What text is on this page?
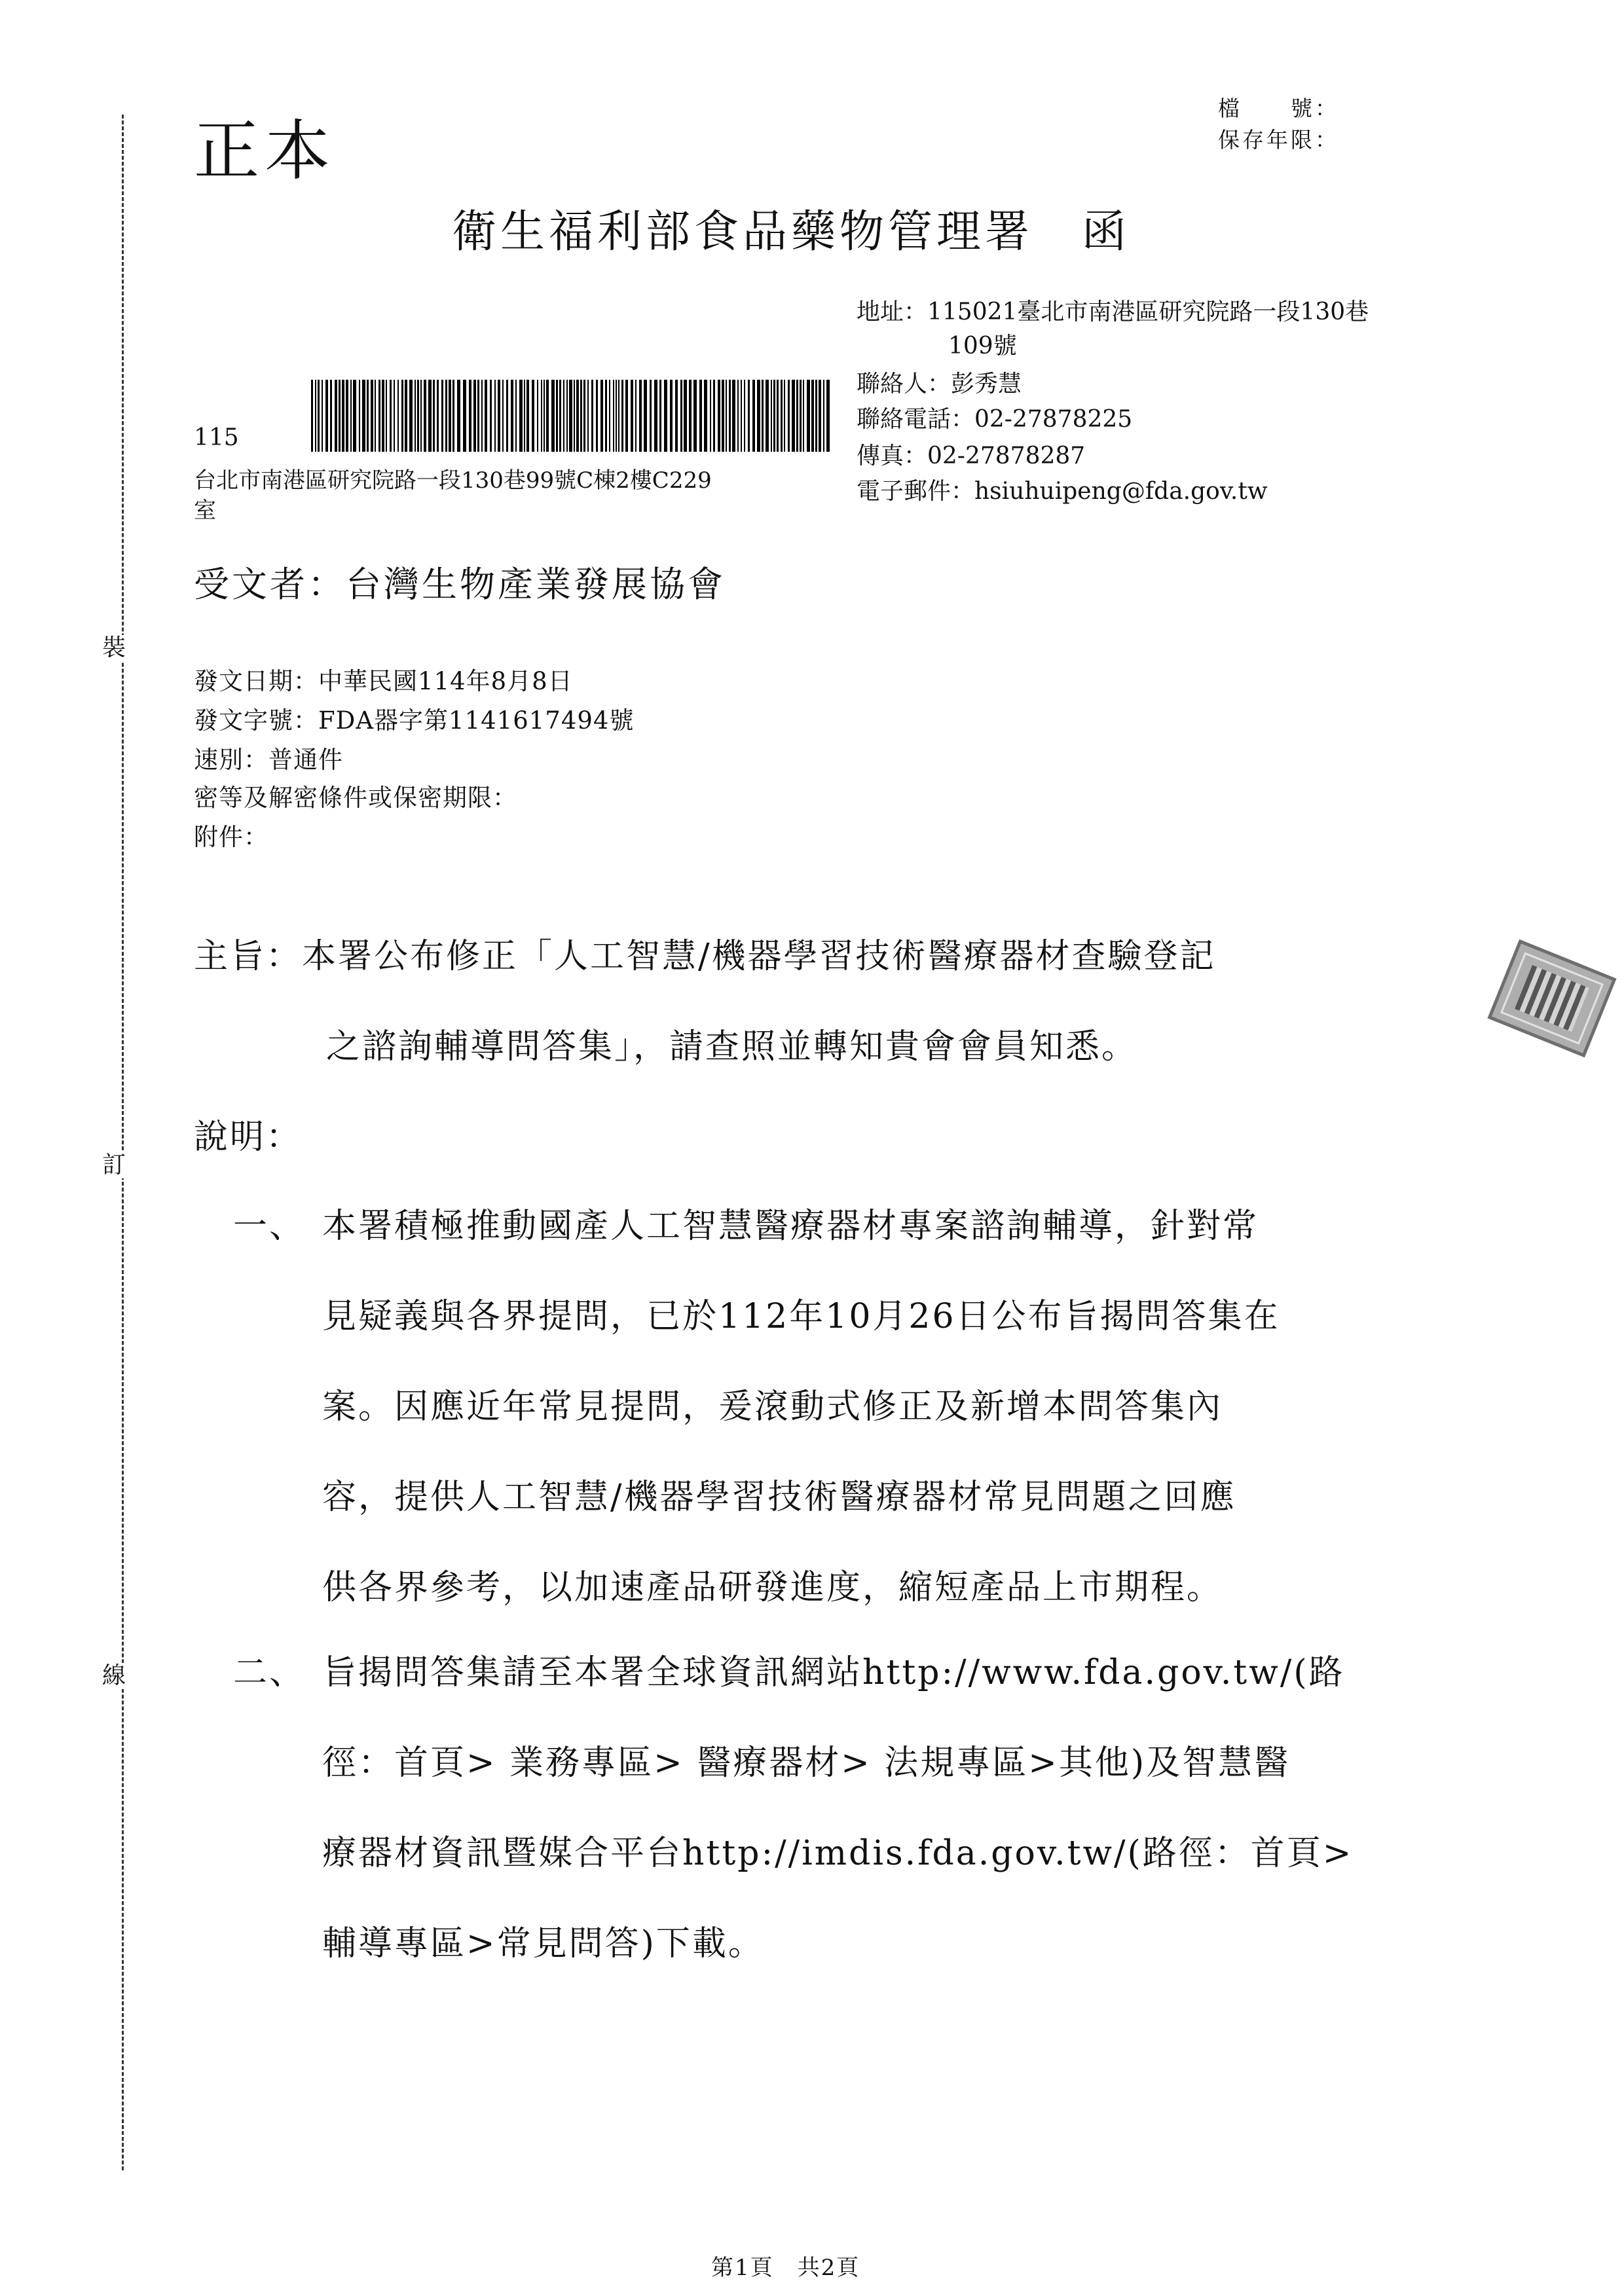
裝
訂
線
正本
檔　　號：
保存年限：
衛生福利部食品藥物管理署　函
地址：115021臺北市南港區研究院路一段130巷
109號
聯絡人：彭秀慧
聯絡電話：02-27878225
傳真：02-27878287
電子郵件：hsiuhuipeng@fda.gov.tw
115
台北市南港區研究院路一段130巷99號C棟2樓C229
室
受文者：台灣生物產業發展協會
發文日期：中華民國114年8月8日
發文字號：FDA器字第1141617494號
速別：普通件
密等及解密條件或保密期限：
附件：
主旨：本署公布修正「人工智慧/機器學習技術醫療器材查驗登記
之諮詢輔導問答集」，請查照並轉知貴會會員知悉。
說明：
一、 本署積極推動國產人工智慧醫療器材專案諮詢輔導，針對常
見疑義與各界提問，已於112年10月26日公布旨揭問答集在
案。因應近年常見提問，爰滾動式修正及新增本問答集內
容，提供人工智慧/機器學習技術醫療器材常見問題之回應
供各界參考，以加速產品研發進度，縮短產品上市期程。
二、 旨揭問答集請至本署全球資訊網站http://www.fda.gov.tw/(路
徑：首頁> 業務專區> 醫療器材> 法規專區>其他)及智慧醫
療器材資訊暨媒合平台http://imdis.fda.gov.tw/(路徑：首頁>
輔導專區>常見問答)下載。
第1頁　共2頁
